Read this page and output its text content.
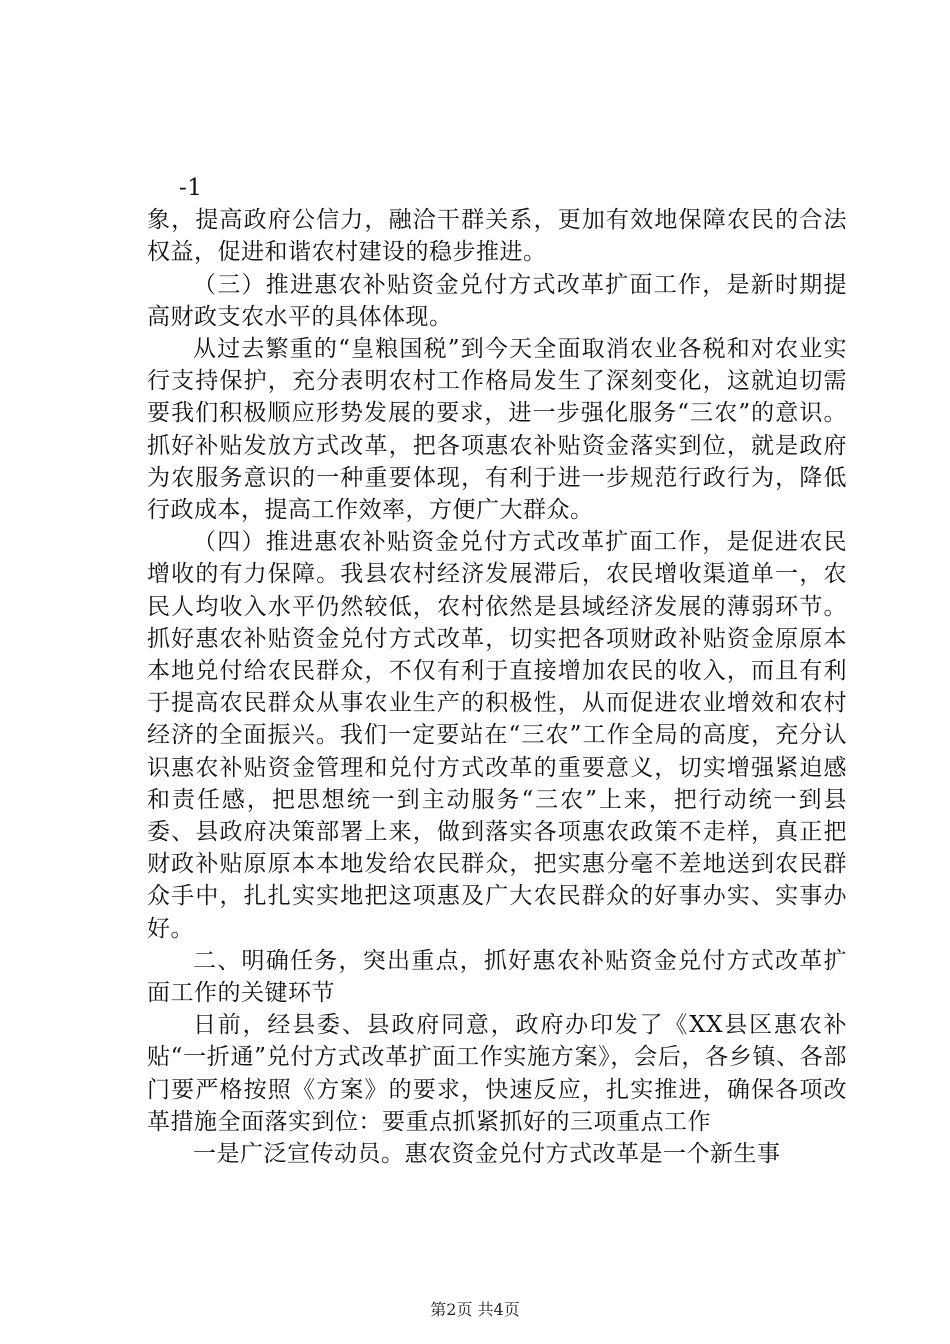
-1

象，提高政府公信力，融洽干群关系，更加有效地保障农民的合法权益，促进和谐农村建设的稳步推进。

（三）推进惠农补贴资金兑付方式改革扩面工作，是新时期提高财政支农水平的具体体现。

从过去繁重的“皇粮国税”到今天全面取消农业各税和对农业实行支持保护，充分表明农村工作格局发生了深刻变化，这就迫切需要我们积极顺应形势发展的要求，进一步强化服务“三农”的意识。抓好补贴发放方式改革，把各项惠农补贴资金落实到位，就是政府为农服务意识的一种重要体现，有利于进一步规范行政行为，降低行政成本，提高工作效率，方便广大群众。

（四）推进惠农补贴资金兑付方式改革扩面工作，是促进农民增收的有力保障。我县农村经济发展滞后，农民增收渠道单一，农民人均收入水平仍然较低，农村依然是县域经济发展的薄弱环节。抓好惠农补贴资金兑付方式改革，切实把各项财政补贴资金原原本本地兑付给农民群众，不仅有利于直接增加农民的收入，而且有利于提高农民群众从事农业生产的积极性，从而促进农业增效和农村经济的全面振兴。我们一定要站在“三农”工作全局的高度，充分认识惠农补贴资金管理和兑付方式改革的重要意义，切实增强紧迫感和责任感，把思想统一到主动服务“三农”上来，把行动统一到县委、县政府决策部署上来，做到落实各项惠农政策不走样，真正把财政补贴原原本本地发给农民群众，把实惠分毫不差地送到农民群众手中，扎扎实实地把这项惠及广大农民群众的好事办实、实事办好。

二、明确任务，突出重点，抓好惠农补贴资金兑付方式改革扩面工作的关键环节

日前，经县委、县政府同意，政府办印发了《XX县区惠农补贴“一折通”兑付方式改革扩面工作实施方案》，会后，各乡镇、各部门要严格按照《方案》的要求，快速反应，扎实推进，确保各项改革措施全面落实到位：要重点抓紧抓好的三项重点工作

一是广泛宣传动员。惠农资金兑付方式改革是一个新生事

第2页 共4页
